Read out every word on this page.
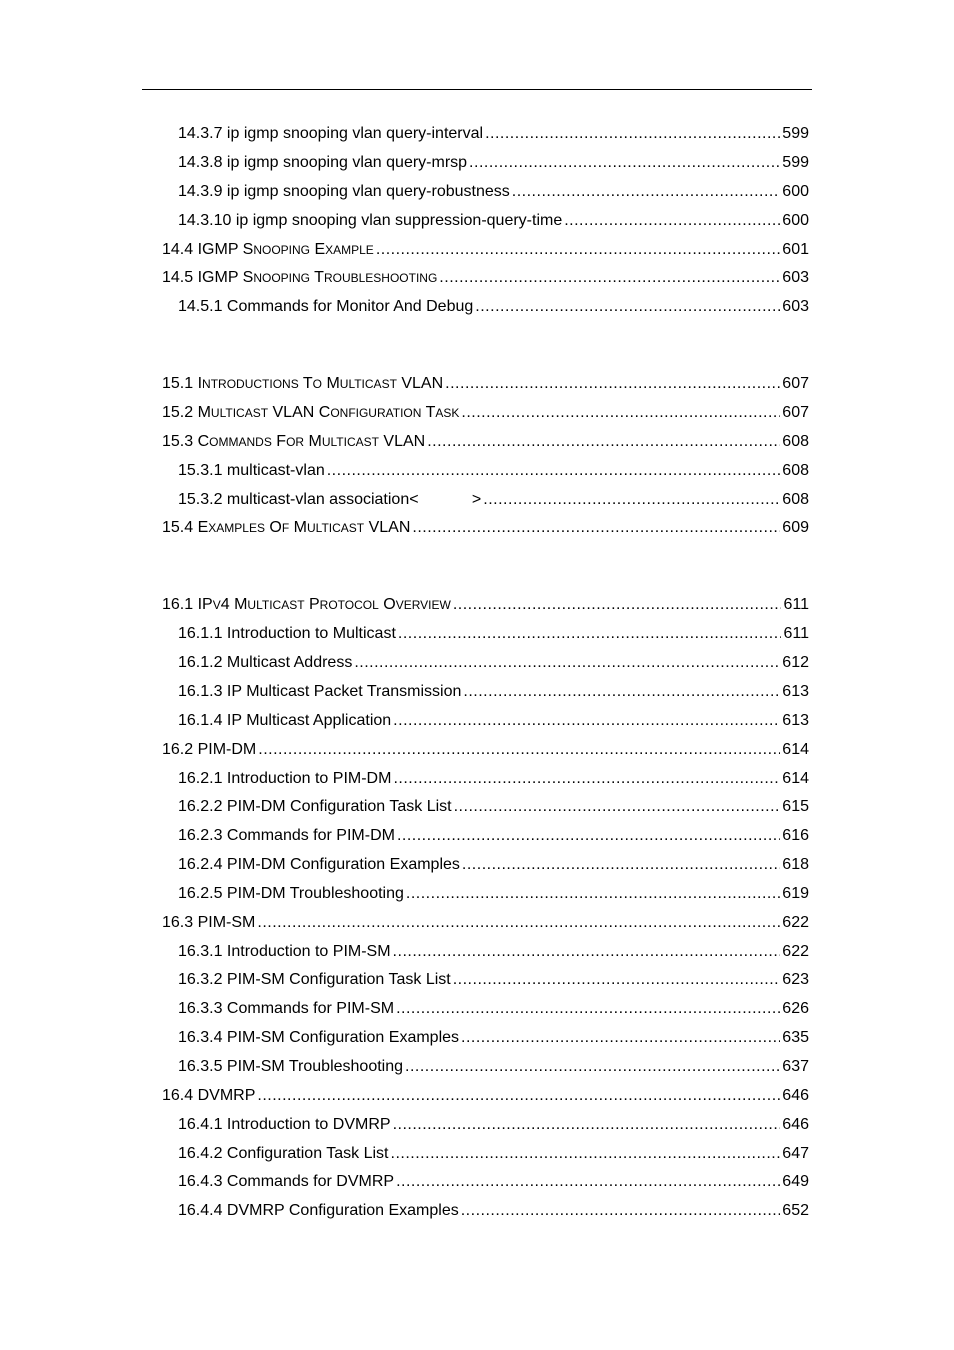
14.3.7 ip igmp snooping vlan query-interval .....	599
14.3.8 ip igmp snooping vlan query-mrsp .....	599
14.3.9 ip igmp snooping vlan query-robustness .....	600
14.3.10 ip igmp snooping vlan suppression-query-time .....	600
14.4 IGMP SNOOPING EXAMPLE .....	601
14.5 IGMP SNOOPING TROUBLESHOOTING .....	603
14.5.1 Commands for Monitor And Debug .....	603
15.1 INTRODUCTIONS TO MULTICAST VLAN .....	607
15.2 MULTICAST VLAN CONFIGURATION TASK .....	607
15.3 COMMANDS FOR MULTICAST VLAN .....	608
15.3.1 multicast-vlan .....	608
15.3.2 multicast-vlan association<            > .....	608
15.4 EXAMPLES OF MULTICAST VLAN .....	609
16.1 IPV4 MULTICAST PROTOCOL OVERVIEW .....	611
16.1.1 Introduction to Multicast .....	611
16.1.2 Multicast Address .....	612
16.1.3 IP Multicast Packet Transmission .....	613
16.1.4 IP Multicast Application .....	613
16.2 PIM-DM .....	614
16.2.1 Introduction to PIM-DM .....	614
16.2.2 PIM-DM Configuration Task List .....	615
16.2.3 Commands for PIM-DM .....	616
16.2.4 PIM-DM Configuration Examples .....	618
16.2.5 PIM-DM Troubleshooting .....	619
16.3 PIM-SM .....	622
16.3.1 Introduction to PIM-SM .....	622
16.3.2 PIM-SM Configuration Task List .....	623
16.3.3 Commands for PIM-SM .....	626
16.3.4 PIM-SM Configuration Examples .....	635
16.3.5 PIM-SM Troubleshooting .....	637
16.4 DVMRP .....	646
16.4.1 Introduction to DVMRP .....	646
16.4.2 Configuration Task List .....	647
16.4.3 Commands for DVMRP .....	649
16.4.4 DVMRP Configuration Examples .....	652
